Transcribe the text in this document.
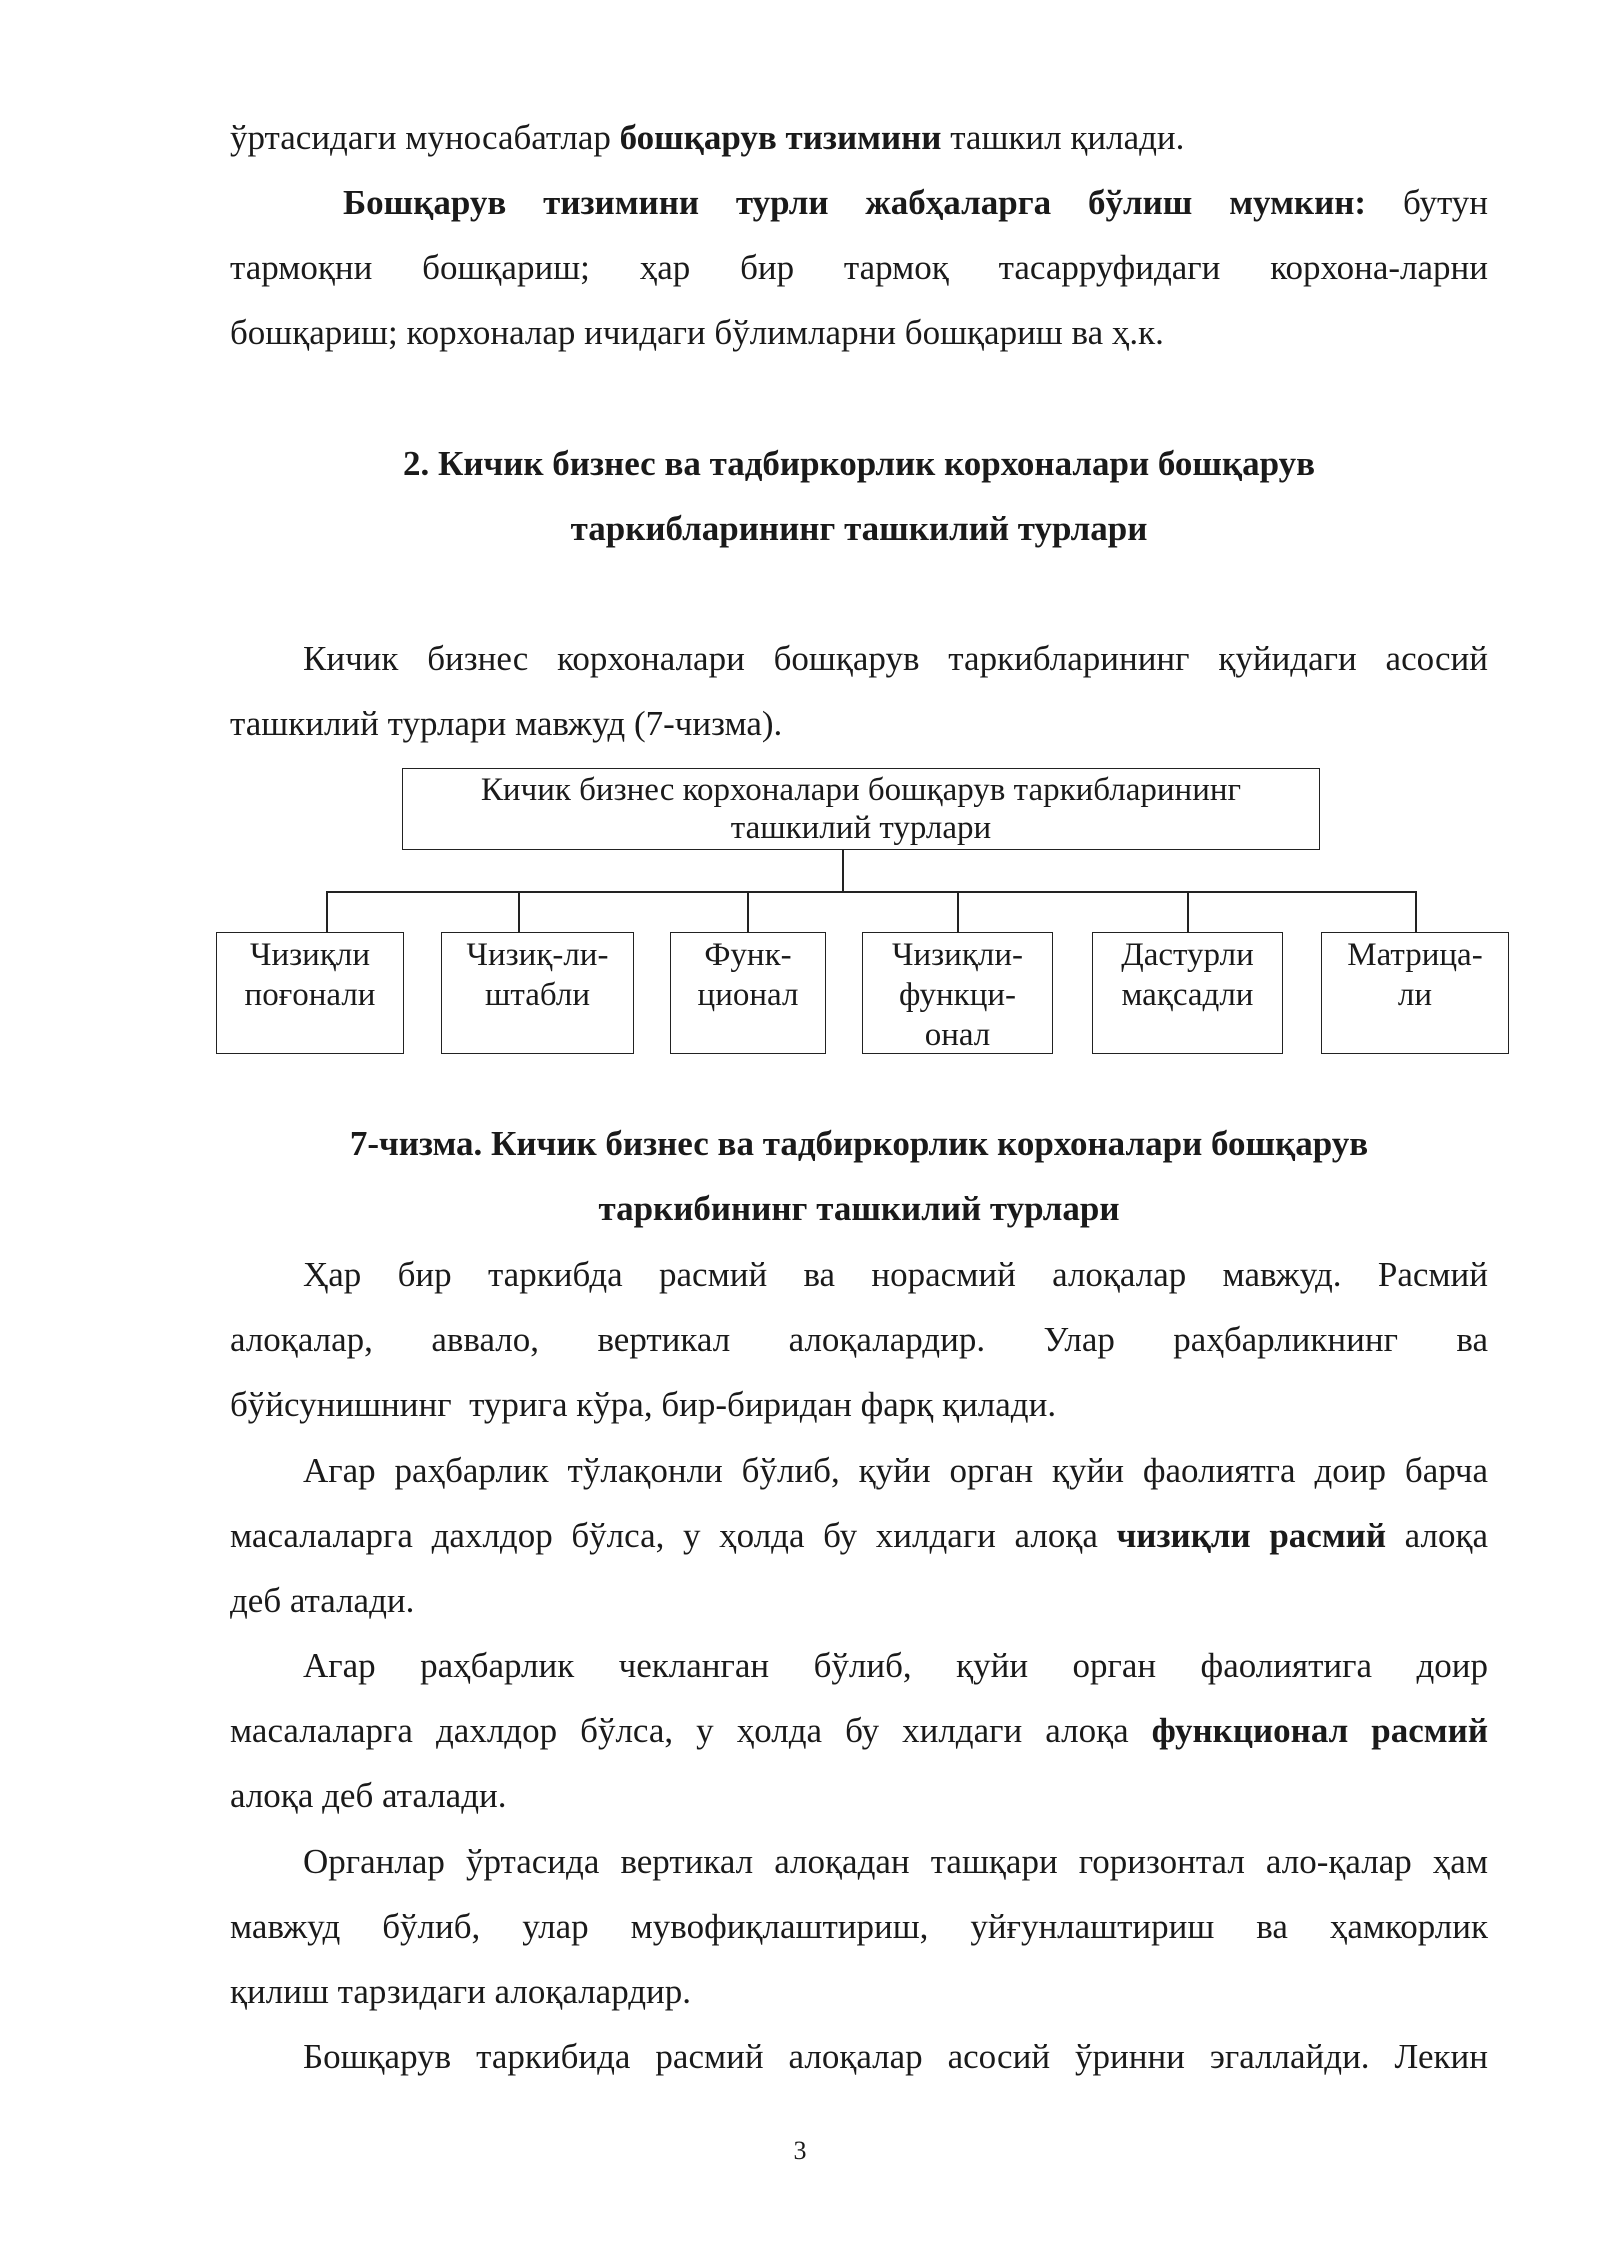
ўртасидаги муносабатлар бошқарув тизимини ташкил қилади.
Бошқарув тизимини турли жабҳаларга бўлиш мумкин: бутун
тармоқни бошқариш; ҳар бир тармоқ тасарруфидаги корхона-ларни
бошқариш; корхоналар ичидаги бўлимларни бошқариш ва ҳ.к.
2. Кичик бизнес ва тадбиркорлик корхоналари бошқарув
таркибларининг ташкилий турлари
Кичик бизнес корхоналари бошқарув таркибларининг қуйидаги асосий
ташкилий турлари мавжуд (7-чизма).
Кичик бизнес корхоналари бошқарув таркибларининг
ташкилий турлари
Чизиқли
поғонали
Чизиқ-ли-
штабли
Функ-
ционал
Чизиқли-
функци-
онал
Дастурли
мақсадли
Матрица-
ли
7-чизма. Кичик бизнес ва тадбиркорлик корхоналари бошқарув
таркибининг ташкилий турлари
Ҳар бир таркибда расмий ва норасмий алоқалар мавжуд. Расмий
алоқалар, аввало, вертикал алоқалардир. Улар раҳбарликнинг ва
бўйсунишнинг  турига кўра, бир-биридан фарқ қилади.
Агар раҳбарлик тўлақонли бўлиб, қуйи орган қуйи фаолиятга доир барча
масалаларга дахлдор бўлса, у ҳолда бу хилдаги алоқа чизиқли расмий алоқа
деб аталади.
Агар раҳбарлик чекланган бўлиб, қуйи орган фаолиятига доир
масалаларга дахлдор бўлса, у ҳолда бу хилдаги алоқа функционал расмий
алоқа деб аталади.
Органлар ўртасида вертикал алоқадан ташқари горизонтал ало-қалар ҳам
мавжуд бўлиб, улар мувофиқлаштириш, уйғунлаштириш ва ҳамкорлик
қилиш тарзидаги алоқалардир.
Бошқарув таркибида расмий алоқалар асосий ўринни эгаллайди. Лекин
3
